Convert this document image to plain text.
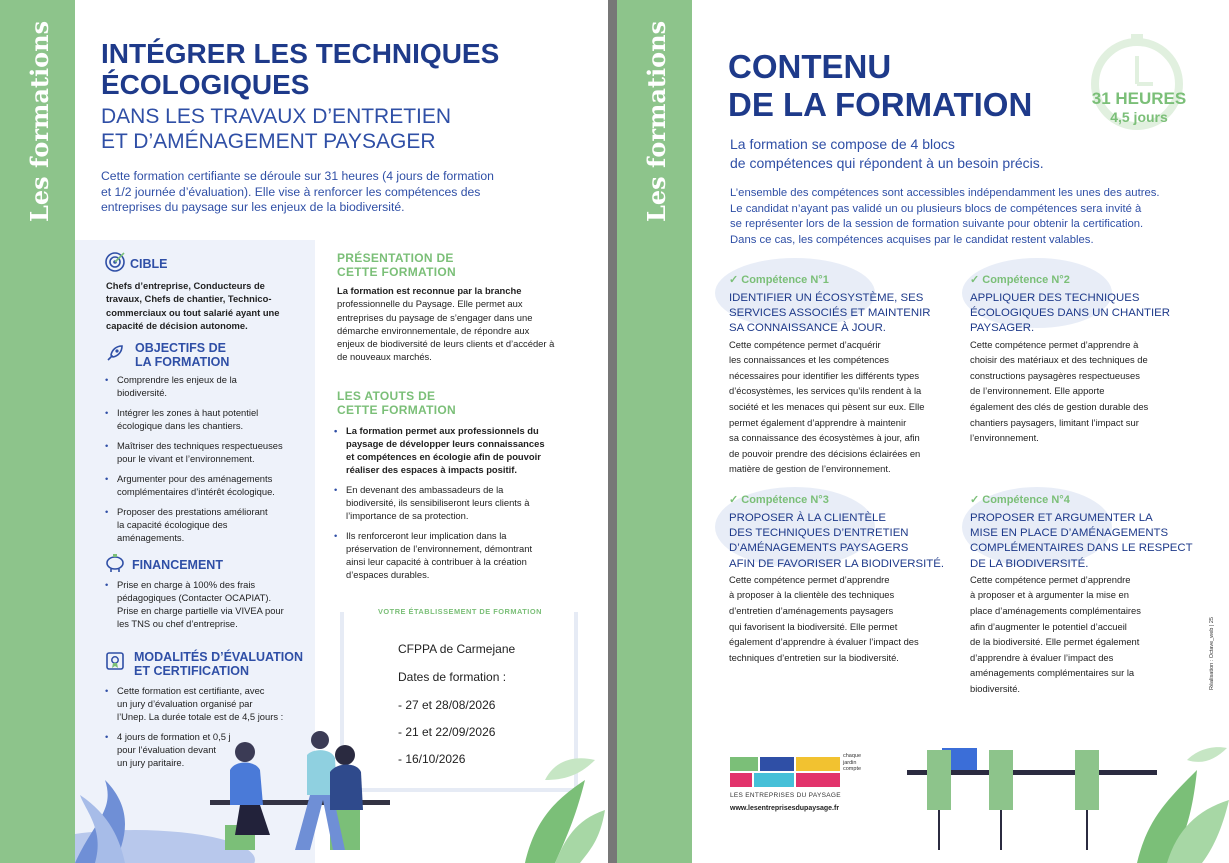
Les formations INTÉGRER LES TECHNIQUES
ÉCOLOGIQUES
DANS LES TRAVAUX D’ENTRETIEN
ET D’AMÉNAGEMENT PAYSAGER
Cette formation certifiante se déroule sur 31 heures (4 jours de formation
et 1/2 journée d’évaluation). Elle vise à renforcer les compétences des
entreprises du paysage sur les enjeux de la biodiversité.
CIBLE
Chefs d’entreprise, Conducteurs de
travaux, Chefs de chantier, Technico-
commerciaux ou tout salarié ayant une
capacité de décision autonome.
OBJECTIFS DE
LA FORMATION
• Comprendre les enjeux de la
biodiversité.
• Intégrer les zones à haut potentiel
écologique dans les chantiers.
• Maîtriser des techniques respectueuses
pour le vivant et l’environnement.
• Argumenter pour des aménagements
complémentaires d’intérêt écologique.
• Proposer des prestations améliorant
la capacité écologique des
aménagements.
FINANCEMENT
• Prise en charge à 100% des frais
pédagogiques (Contacter OCAPIAT).
Prise en charge partielle via VIVEA pour
les TNS ou chef d’entreprise.
MODALITÉS D’ÉVALUATION
ET CERTIFICATION
• Cette formation est certifiante, avec
un jury d’évaluation organisé par
l’Unep. La durée totale est de 4,5 jours :
• 4 jours de formation et 0,5 j
pour l’évaluation devant
un jury paritaire.
PRÉSENTATION DE
CETTE FORMATION
La formation est reconnue par la branche
professionnelle du Paysage. Elle permet aux
entreprises du paysage de s’engager dans une
démarche environnementale, de répondre aux
enjeux de biodiversité de leurs clients et d’accéder à
de nouveaux marchés.
LES ATOUTS DE
CETTE FORMATION
• La formation permet aux professionnels du
paysage de développer leurs connaissances
et compétences en écologie afin de pouvoir
réaliser des espaces à impacts positif.
• En devenant des ambassadeurs de la
biodiversité, ils sensibiliseront leurs clients à
l’importance de sa protection.
• Ils renforceront leur implication dans la
préservation de l’environnement, démontrant
ainsi leur capacité à contribuer à la création
d’espaces durables.
VOTRE ÉTABLISSEMENT DE FORMATION
CFPPA de Carmejane
Dates de formation :
- 27 et 28/08/2026
- 21 et 22/09/2026
- 16/10/2026
Les formations CONTENU
DE LA FORMATION	31 HEURES
4,5 jours
La formation se compose de 4 blocs
de compétences qui répondent à un besoin précis.
L’ensemble des compétences sont accessibles indépendamment les unes des autres.
Le candidat n’ayant pas validé un ou plusieurs blocs de compétences sera invité à
se représenter lors de la session de formation suivante pour obtenir la certification.
Dans ce cas, les compétences acquises par le candidat restent valables.
✓ Compétence N°1
IDENTIFIER UN ÉCOSYSTÈME, SES
SERVICES ASSOCIÉS ET MAINTENIR
SA CONNAISSANCE À JOUR.
Cette compétence permet d’acquérir
les connaissances et les compétences
nécessaires pour identifier les différents types
d’écosystèmes, les services qu’ils rendent à la
société et les menaces qui pèsent sur eux. Elle
permet également d’apprendre à maintenir
sa connaissance des écosystèmes à jour, afin
de pouvoir prendre des décisions éclairées en
matière de gestion de l’environnement.
✓ Compétence N°2
APPLIQUER DES TECHNIQUES
ÉCOLOGIQUES DANS UN CHANTIER
PAYSAGER.
Cette compétence permet d’apprendre à
choisir des matériaux et des techniques de
constructions paysagères respectueuses
de l’environnement. Elle apporte
également des clés de gestion durable des
chantiers paysagers, limitant l’impact sur
l’environnement.
✓ Compétence N°3
PROPOSER À LA CLIENTÈLE
DES TECHNIQUES D’ENTRETIEN
D’AMÉNAGEMENTS PAYSAGERS
AFIN DE FAVORISER LA BIODIVERSITÉ.
Cette compétence permet d’apprendre
à proposer à la clientèle des techniques
d’entretien d’aménagements paysagers
qui favorisent la biodiversité. Elle permet
également d’apprendre à évaluer l’impact des
techniques d’entretien sur la biodiversité.
✓ Compétence N°4
PROPOSER ET ARGUMENTER LA
MISE EN PLACE D’AMÉNAGEMENTS
COMPLÉMENTAIRES DANS LE RESPECT
DE LA BIODIVERSITÉ.
Cette compétence permet d’apprendre
à proposer et à argumenter la mise en
place d’aménagements complémentaires
afin d’augmenter le potentiel d’accueil
de la biodiversité. Elle permet également
d’apprendre à évaluer l’impact des
aménagements complémentaires sur la
biodiversité.	Réalisation : Octave_web | 25
chaque
jardin
compte
LES ENTREPRISES DU PAYSAGE
www.lesentreprisesdupaysage.fr
